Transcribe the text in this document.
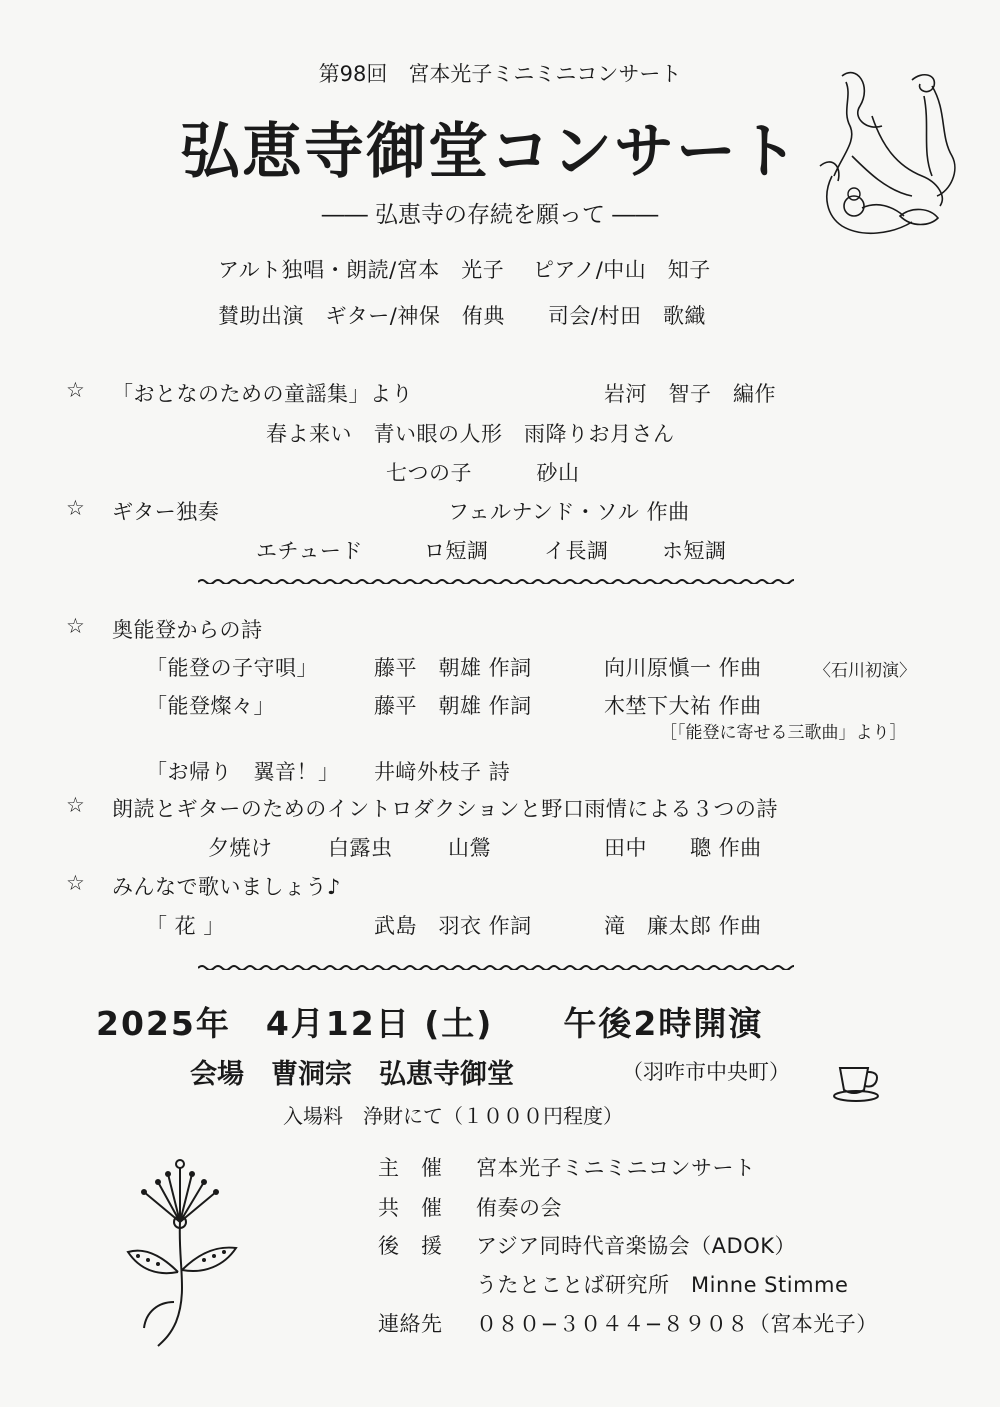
第98回　宮本光子ミニミニコンサート
弘恵寺御堂コンサート
―― 弘恵寺の存続を願って ――
アルト独唱・朗読/宮本　光子　 ピアノ/中山　知子
賛助出演　ギター/神保　侑典　　司会/村田　歌織
☆ 「おとなのための童謡集」より	岩河　智子　編作
春よ来い　青い眼の人形　雨降りお月さん
七つの子　　　砂山
☆ ギター独奏	フェルナンド・ソル 作曲
エチュード	ロ短調	イ長調	ホ短調
☆ 奥能登からの詩
「能登の子守唄」	藤平　朝雄 作詞	向川原愼一 作曲	〈石川初演〉
「能登燦々」	藤平　朝雄 作詞	木埜下大祐 作曲
［「能登に寄せる三歌曲」より］
「お帰り　翼音！」 井﨑外枝子 詩
☆ 朗読とギターのためのイントロダクションと野口雨情による３つの詩
夕焼け	白露虫	山鶯	田中　　聰 作曲
☆ みんなで歌いましょう♪
「 花 」	武島　羽衣 作詞	滝　廉太郎 作曲
2025年　4月12日 (土)　　午後2時開演
会場　曹洞宗　弘恵寺御堂	（羽咋市中央町）
入場料　浄財にて（１０００円程度）
主　催 宮本光子ミニミニコンサート
共　催 侑奏の会
後　援 アジア同時代音楽協会（ADOK）
うたとことば研究所　Minne Stimme
連絡先 ０８０−３０４４−８９０８（宮本光子）
